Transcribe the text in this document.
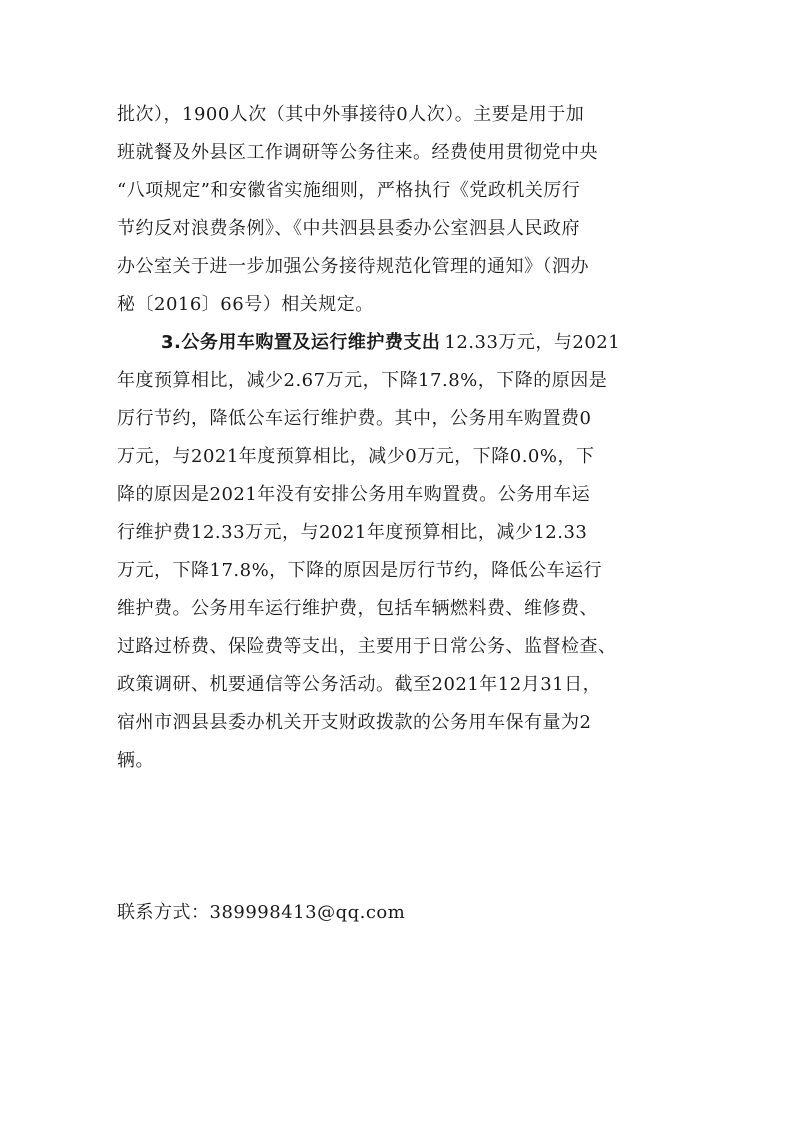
批次），1900人次（其中外事接待0人次）。主要是用于加
班就餐及外县区工作调研等公务往来。经费使用贯彻党中央
“八项规定”和安徽省实施细则，严格执行《党政机关厉行
节约反对浪费条例》、《中共泗县县委办公室泗县人民政府
办公室关于进一步加强公务接待规范化管理的通知》（泗办
秘〔2016〕66号）相关规定。
3.公务用车购置及运行维护费支出 12.33万元，与2021
年度预算相比，减少2.67万元，下降17.8%，下降的原因是
厉行节约，降低公车运行维护费。其中，公务用车购置费0
万元，与2021年度预算相比，减少0万元，下降0.0%，下
降的原因是2021年没有安排公务用车购置费。公务用车运
行维护费12.33万元，与2021年度预算相比，减少12.33
万元，下降17.8%，下降的原因是厉行节约，降低公车运行
维护费。公务用车运行维护费，包括车辆燃料费、维修费、
过路过桥费、保险费等支出，主要用于日常公务、监督检查、
政策调研、机要通信等公务活动。截至2021年12月31日，
宿州市泗县县委办机关开支财政拨款的公务用车保有量为2
辆。
联系方式：389998413@qq.com
